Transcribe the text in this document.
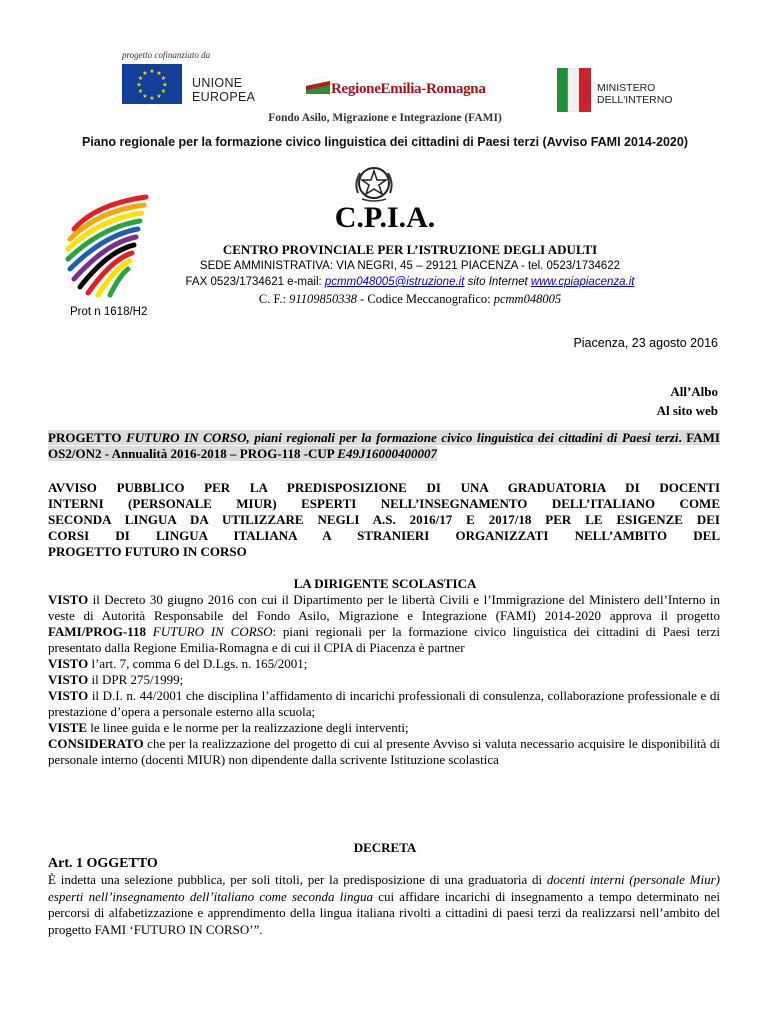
progetto cofinanziato da
★ ★
★
★
★
★
★
★
★
★
★
★
UNIONE
EUROPEA	RegioneEmilia-Romagna	MINISTERO
DELL'INTERNO
Fondo Asilo, Migrazione e Integrazione (FAMI)
Piano regionale per la formazione civico linguistica dei cittadini di Paesi terzi (Avviso FAMI 2014-2020)
C.P.I.A.
CENTRO PROVINCIALE PER L’ISTRUZIONE DEGLI ADULTI
SEDE AMMINISTRATIVA: VIA NEGRI, 45 – 29121 PIACENZA - tel. 0523/1734622
FAX 0523/1734621 e-mail: pcmm048005@istruzione.it sito Internet www.cpiapiacenza.it
C. F.: 91109850338 - Codice Meccanografico: pcmm048005
Prot n 1618/H2
Piacenza, 23 agosto 2016
All’Albo
Al sito web
PROGETTO FUTURO IN CORSO, piani regionali per la formazione civico linguistica dei cittadini di Paesi terzi. FAMI OS2/ON2 - Annualità 2016-2018 – PROG-118 -CUP E49J16000400007
AVVISO PUBBLICO PER LA PREDISPOSIZIONE DI UNA GRADUATORIA DI DOCENTI
INTERNI (PERSONALE MIUR) ESPERTI NELL’INSEGNAMENTO DELL’ITALIANO COME
SECONDA LINGUA DA UTILIZZARE NEGLI A.S. 2016/17 E 2017/18 PER LE ESIGENZE DEI
CORSI DI LINGUA ITALIANA A STRANIERI ORGANIZZATI NELL’AMBITO DEL
PROGETTO FUTURO IN CORSO
LA DIRIGENTE SCOLASTICA

VISTO il Decreto 30 giugno 2016 con cui il Dipartimento per le libertà Civili e l’Immigrazione del Ministero dell’Interno in veste di Autorità Responsabile del Fondo Asilo, Migrazione e Integrazione (FAMI) 2014-2020 approva il progetto FAMI/PROG-118 FUTURO IN CORSO: piani regionali per la formazione civico linguistica dei cittadini di Paesi terzi presentato dalla Regione Emilia-Romagna e di cui il CPIA di Piacenza è partner

VISTO l’art. 7, comma 6 del D.Lgs. n. 165/2001;

VISTO il DPR 275/1999;

VISTO il D.I. n. 44/2001 che disciplina l’affidamento di incarichi professionali di consulenza, collaborazione professionale e di prestazione d’opera a personale esterno alla scuola;

VISTE le linee guida e le norme per la realizzazione degli interventi;

CONSIDERATO che per la realizzazione del progetto di cui al presente Avviso si valuta necessario acquisire le disponibilità di personale interno (docenti MIUR) non dipendente dalla scrivente Istituzione scolastica

DECRETA
Art. 1 OGGETTO
È indetta una selezione pubblica, per soli titoli, per la predisposizione di una graduatoria di docenti interni (personale Miur) esperti nell’insegnamento dell’italiano come seconda lingua cui affidare incarichi di insegnamento a tempo determinato nei percorsi di alfabetizzazione e apprendimento della lingua italiana rivolti a cittadini di paesi terzi da realizzarsi nell’ambito del progetto FAMI ‘FUTURO IN CORSO’”.
